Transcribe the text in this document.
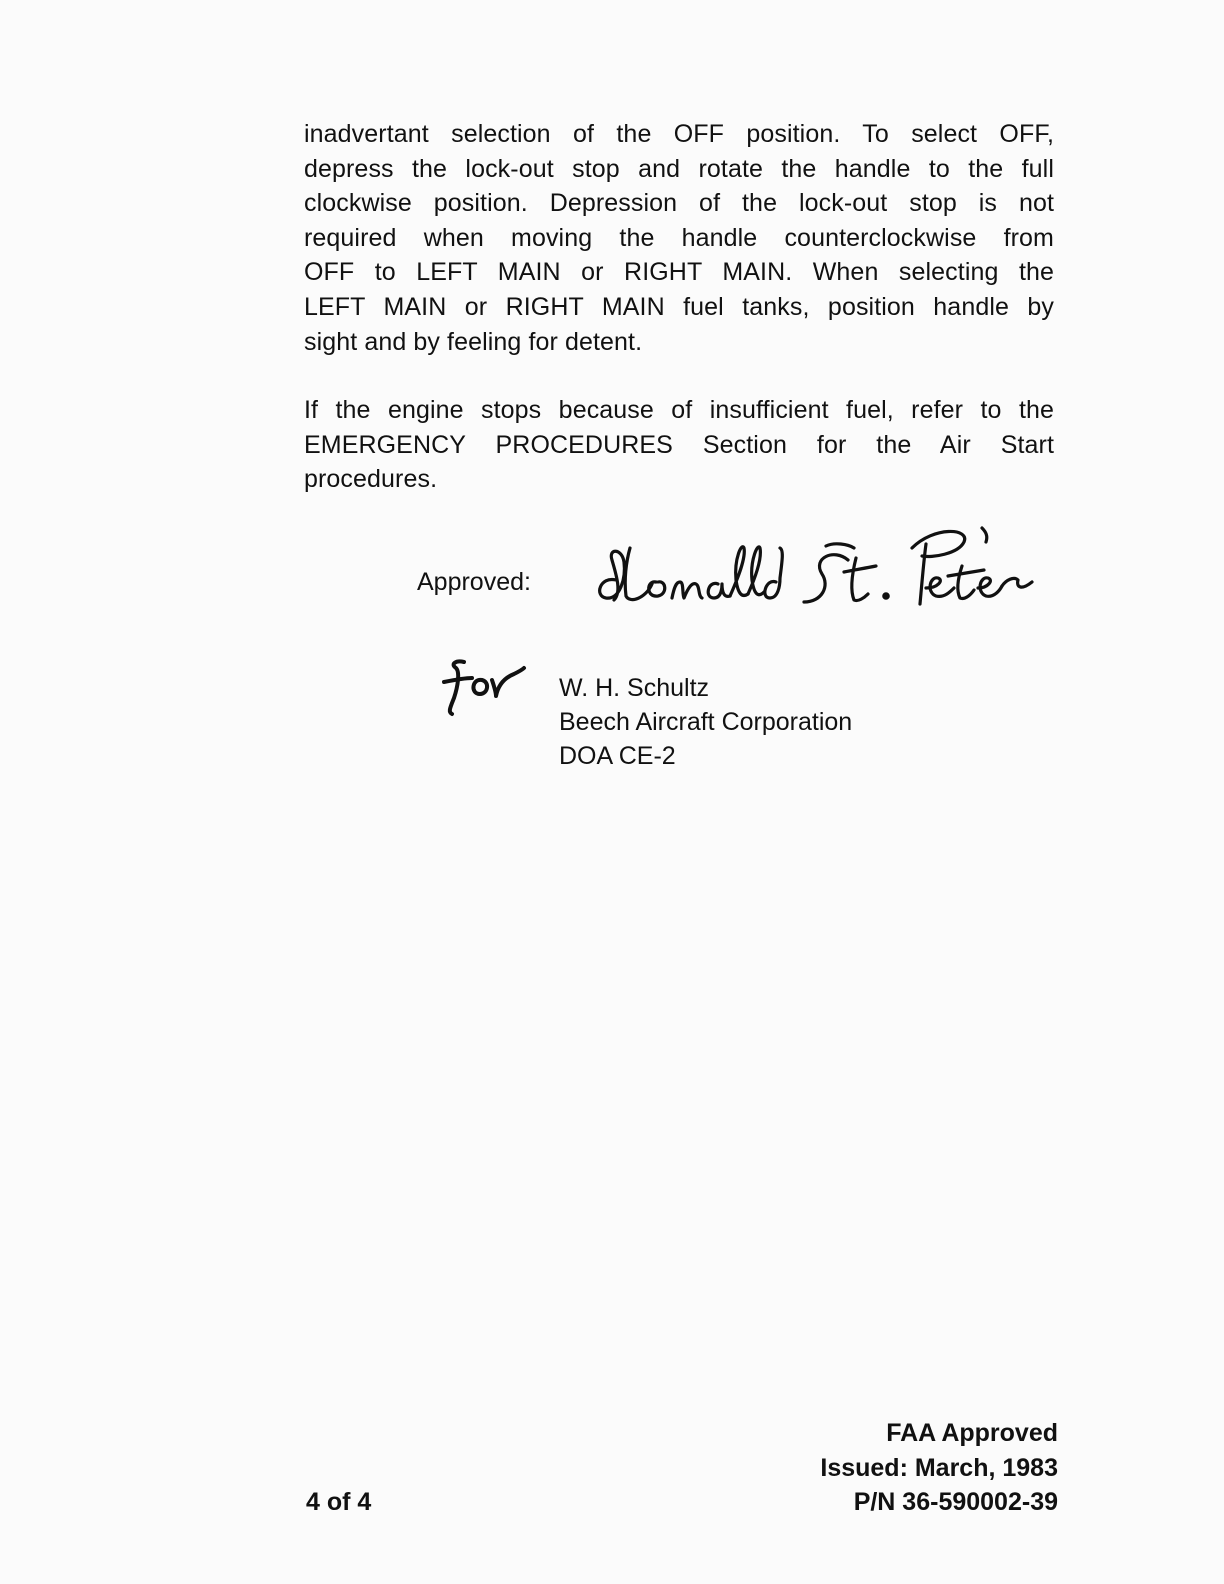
inadvertant selection of the OFF position. To select OFF,
depress the lock-out stop and rotate the handle to the full
clockwise position. Depression of the lock-out stop is not
required when moving the handle counterclockwise from
OFF to LEFT MAIN or RIGHT MAIN. When selecting the
LEFT MAIN or RIGHT MAIN fuel tanks, position handle by
sight and by feeling for detent.
If the engine stops because of insufficient fuel, refer to the
EMERGENCY PROCEDURES Section for the Air Start
procedures.
Approved:
W. H. Schultz
Beech Aircraft Corporation
DOA CE-2
4 of 4
FAA Approved
Issued: March, 1983
P/N 36-590002-39
